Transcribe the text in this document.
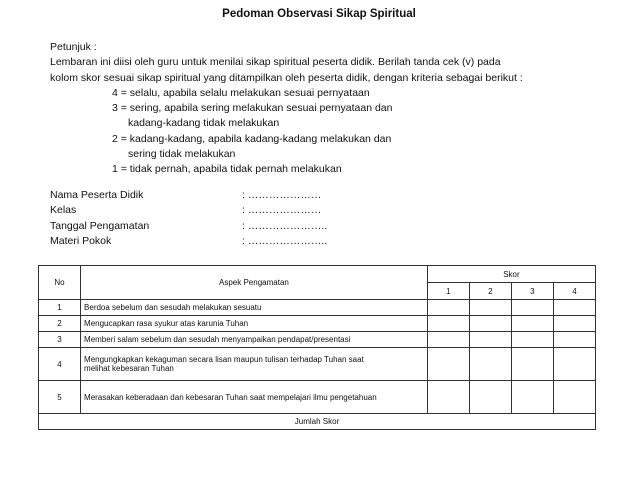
Pedoman Observasi Sikap Spiritual
Petunjuk :
Lembaran ini diisi oleh guru untuk menilai sikap spiritual peserta didik. Berilah tanda cek (v) pada
kolom skor sesuai sikap spiritual yang ditampilkan oleh peserta didik, dengan kriteria sebagai berikut :
4 = selalu, apabila selalu melakukan sesuai pernyataan
3 = sering, apabila sering melakukan sesuai pernyataan dan
kadang-kadang tidak melakukan
2 = kadang-kadang, apabila kadang-kadang melakukan dan
sering tidak melakukan
1 = tidak pernah, apabila tidak pernah melakukan
Nama Peserta Didik	: …………………
Kelas	: …………………
Tanggal Pengamatan	: …………………..
Materi Pokok	: …………………..
No	Aspek Pengamatan	Skor			
		1	2	3	4
1	Berdoa sebelum dan sesudah melakukan sesuatu				
2	Mengucapkan rasa syukur atas karunia Tuhan				
3	Memberi salam sebelum dan sesudah menyampaikan pendapat/presentasi				
4	Mengungkapkan kekaguman secara lisan maupun tulisan terhadap Tuhan saat
melihat kebesaran Tuhan				

5	Merasakan keberadaan dan kebesaran Tuhan saat mempelajari ilmu pengetahuan				
Jumlah Skor					
